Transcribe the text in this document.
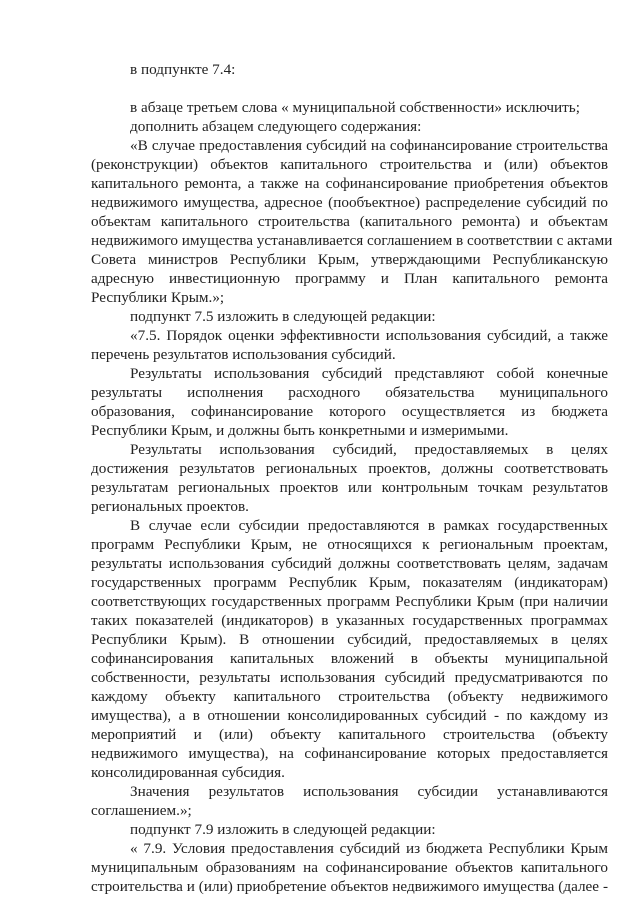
в подпункте 7.4:
в абзаце третьем слова « муниципальной собственности» исключить;
дополнить абзацем следующего содержания:
«В случае предоставления субсидий на софинансирование строительства
(реконструкции) объектов капитального строительства и (или) объектов
капитального ремонта, а также на софинансирование приобретения объектов
недвижимого имущества, адресное (пообъектное) распределение субсидий по
объектам капитального строительства (капитального ремонта) и объектам
недвижимого имущества устанавливается соглашением в соответствии с актами
Совета министров Республики Крым, утверждающими Республиканскую
адресную инвестиционную программу и План капитального ремонта
Республики Крым.»;
подпункт 7.5 изложить в следующей редакции:
«7.5. Порядок оценки эффективности использования субсидий, а также
перечень результатов использования субсидий.
Результаты использования субсидий представляют собой конечные
результаты исполнения расходного обязательства муниципального
образования, софинансирование которого осуществляется из бюджета
Республики Крым, и должны быть конкретными и измеримыми.
Результаты использования субсидий, предоставляемых в целях
достижения результатов региональных проектов, должны соответствовать
результатам региональных проектов или контрольным точкам результатов
региональных проектов.
В случае если субсидии предоставляются в рамках государственных
программ Республики Крым, не относящихся к региональным проектам,
результаты использования субсидий должны соответствовать целям, задачам
государственных программ Республик Крым, показателям (индикаторам)
соответствующих государственных программ Республики Крым (при наличии
таких показателей (индикаторов) в указанных государственных программах
Республики Крым). В отношении субсидий, предоставляемых в целях
софинансирования капитальных вложений в объекты муниципальной
собственности, результаты использования субсидий предусматриваются по
каждому объекту капитального строительства (объекту недвижимого
имущества), а в отношении консолидированных субсидий - по каждому из
мероприятий и (или) объекту капитального строительства (объекту
недвижимого имущества), на софинансирование которых предоставляется
консолидированная субсидия.
Значения результатов использования субсидии устанавливаются
соглашением.»;
подпункт 7.9 изложить в следующей редакции:
« 7.9. Условия предоставления субсидий из бюджета Республики Крым
муниципальным образованиям на софинансирование объектов капитального
строительства и (или) приобретение объектов недвижимого имущества (далее -
